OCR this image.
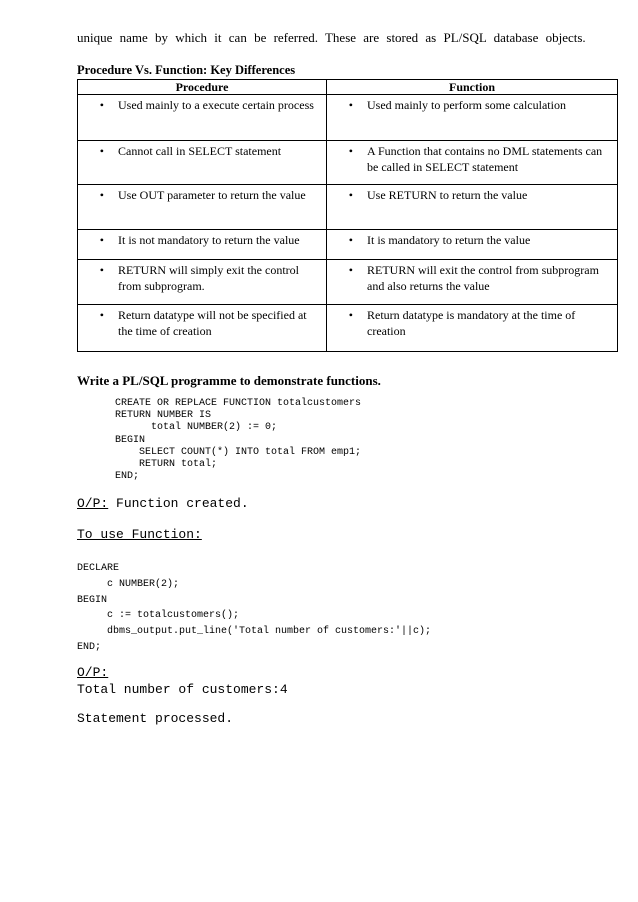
unique name by which it can be referred. These are stored as PL/SQL database objects.
Procedure Vs. Function: Key Differences
Procedure	Function

• Used mainly to a execute certain process	• Used mainly to perform some calculation

• Cannot call in SELECT statement	• A Function that contains no DML statements can be called in SELECT statement

• Use OUT parameter to return the value	• Use RETURN to return the value

• It is not mandatory to return the value	• It is mandatory to return the value

• RETURN will simply exit the control from subprogram.	• RETURN will exit the control from subprogram and also returns the value

• Return datatype will not be specified at the time of creation	• Return datatype is mandatory at the time of creation
Write a PL/SQL programme to demonstrate functions.
CREATE OR REPLACE FUNCTION totalcustomers
RETURN NUMBER IS
total NUMBER(2) := 0;
BEGIN
SELECT COUNT(*) INTO total FROM emp1;
RETURN total;
END;
O/P: Function created.
To use Function:
DECLARE
c NUMBER(2);
BEGIN
c := totalcustomers();
dbms_output.put_line('Total number of customers:'||c);
END;
O/P:
Total number of customers:4
Statement processed.
